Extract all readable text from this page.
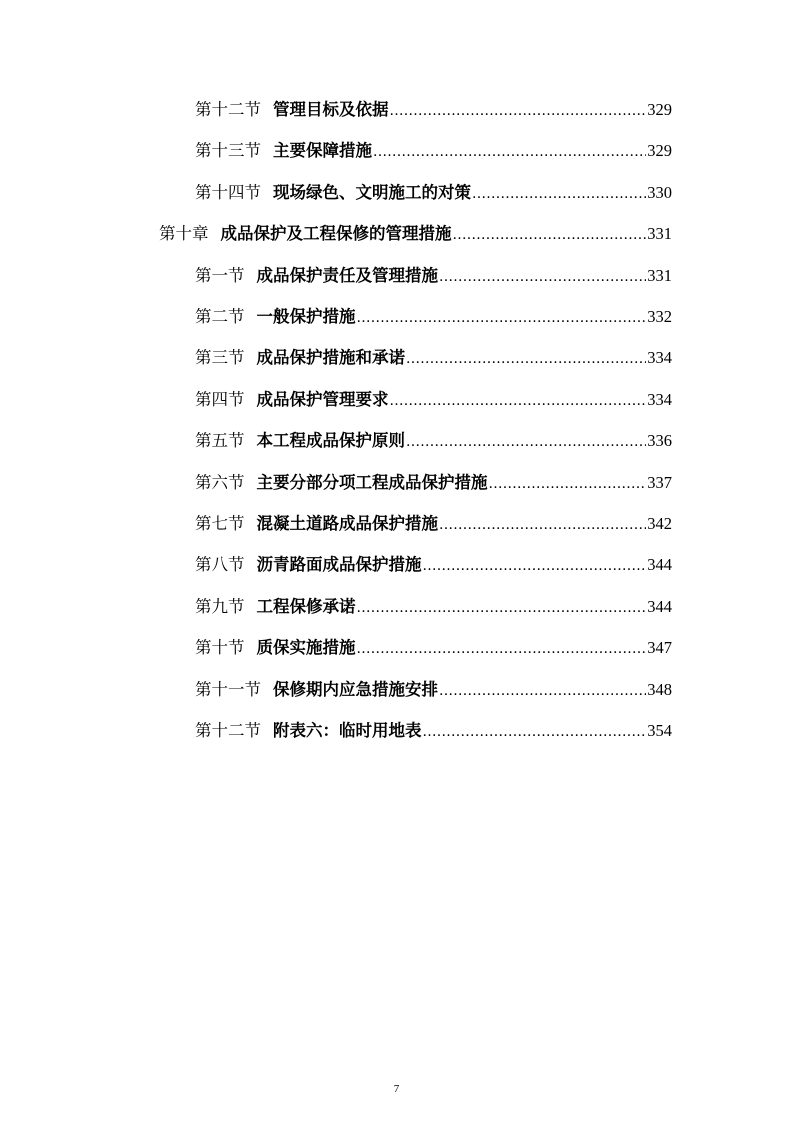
第十二节 管理目标及依据 .....	329
第十三节 主要保障措施 .....	329
第十四节 现场绿色、文明施工的对策 .....	330
第十章 成品保护及工程保修的管理措施 .....	331
第一节 成品保护责任及管理措施 .....	331
第二节 一般保护措施 .....	332
第三节 成品保护措施和承诺 .....	334
第四节 成品保护管理要求 .....	334
第五节 本工程成品保护原则 .....	336
第六节 主要分部分项工程成品保护措施 .....	337
第七节 混凝土道路成品保护措施 .....	342
第八节 沥青路面成品保护措施 .....	344
第九节 工程保修承诺 .....	344
第十节 质保实施措施 .....	347
第十一节 保修期内应急措施安排 .....	348
第十二节 附表六：临时用地表 .....	354
7
